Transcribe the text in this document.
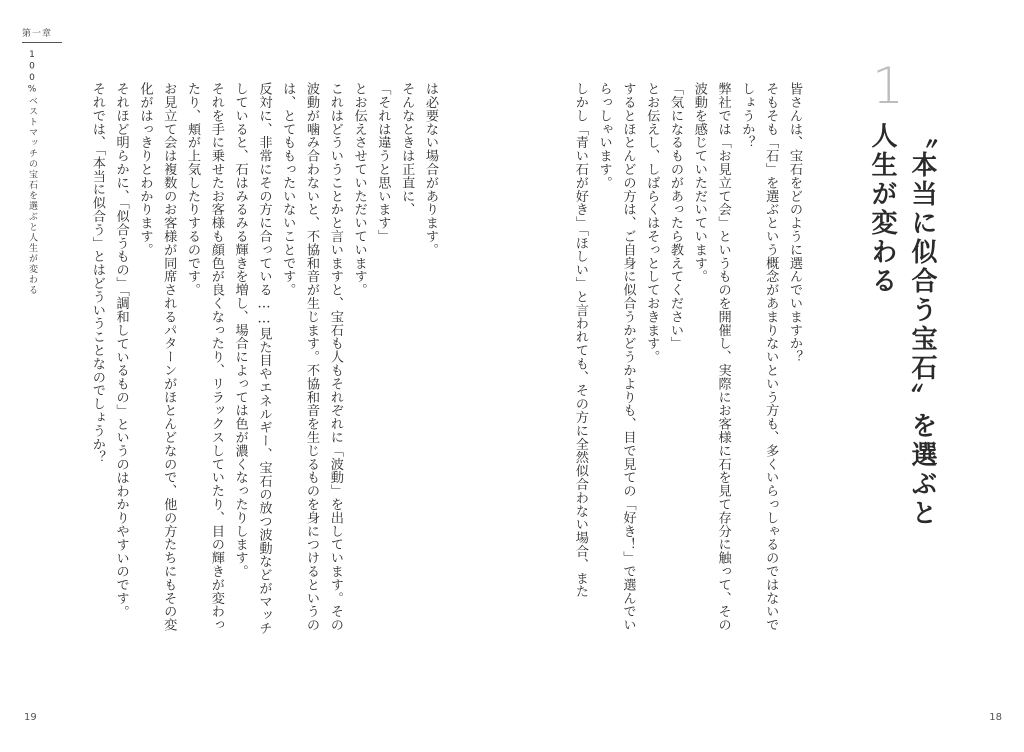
第一章
100%ベストマッチの宝石を選ぶと人生が変わる	1
〝本当に似合う宝石〟を選ぶと
人生が変わる

皆さんは、宝石をどのように選んでいますか？

そもそも「石」を選ぶという概念があまりないという方も、多くいらっしゃるのではないでしょうか？

弊社では「お見立て会」というものを開催し、実際にお客様に石を見て存分に触って、その波動を感じていただいています。

「気になるものがあったら教えてください」

とお伝えし、しばらくはそっとしておきます。

するとほとんどの方は、ご自身に似合うかどうかよりも、目で見ての「好き！」で選んでいらっしゃいます。

しかし「青い石が好き」「ほしい」と言われても、その方に全然似合わない場合、また

は必要ない場合があります。

そんなときは正直に、

「それは違うと思います」

とお伝えさせていただいています。

これはどういうことかと言いますと、宝石も人もそれぞれに「波動」を出しています。その波動が噛み合わないと、不協和音が生じます。不協和音を生じるものを身につけるというのは、とてももったいないことです。

反対に、非常にその方に合っている……見た目やエネルギー、宝石の放つ波動などがマッチしていると、石はみるみる輝きを増し、場合によっては色が濃くなったりします。

それを手に乗せたお客様も顔色が良くなったり、リラックスしていたり、目の輝きが変わったり、頬が上気したりするのです。

お見立て会は複数のお客様が同席されるパターンがほとんどなので、他の方たちにもその変化がはっきりとわかります。

それほど明らかに、「似合うもの」「調和しているもの」というのはわかりやすいのです。

それでは、「本当に似合う」とはどういうことなのでしょうか？

19	18
